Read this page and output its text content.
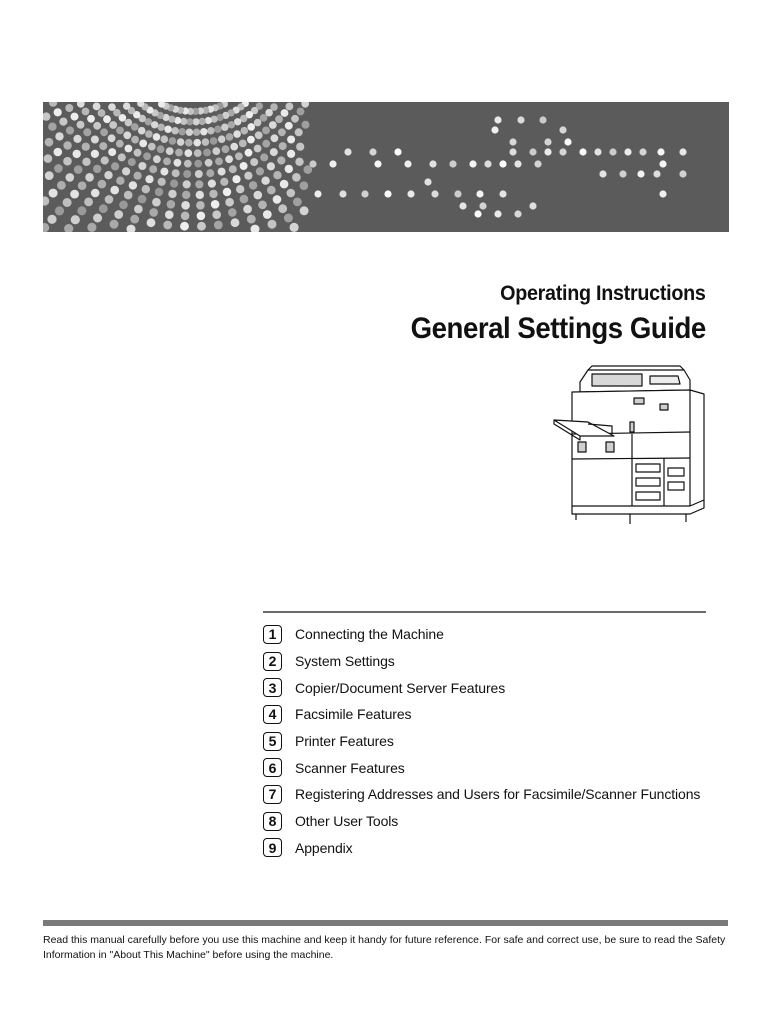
Operating Instructions
General Settings Guide
1	Connecting the Machine
2	System Settings
3	Copier/Document Server Features
4	Facsimile Features
5	Printer Features
6	Scanner Features
7	Registering Addresses and Users for Facsimile/Scanner Functions
8	Other User Tools
9	Appendix
Read this manual carefully before you use this machine and keep it handy for future reference. For safe and correct use, be sure to read the Safety Information in "About This Machine" before using the machine.
